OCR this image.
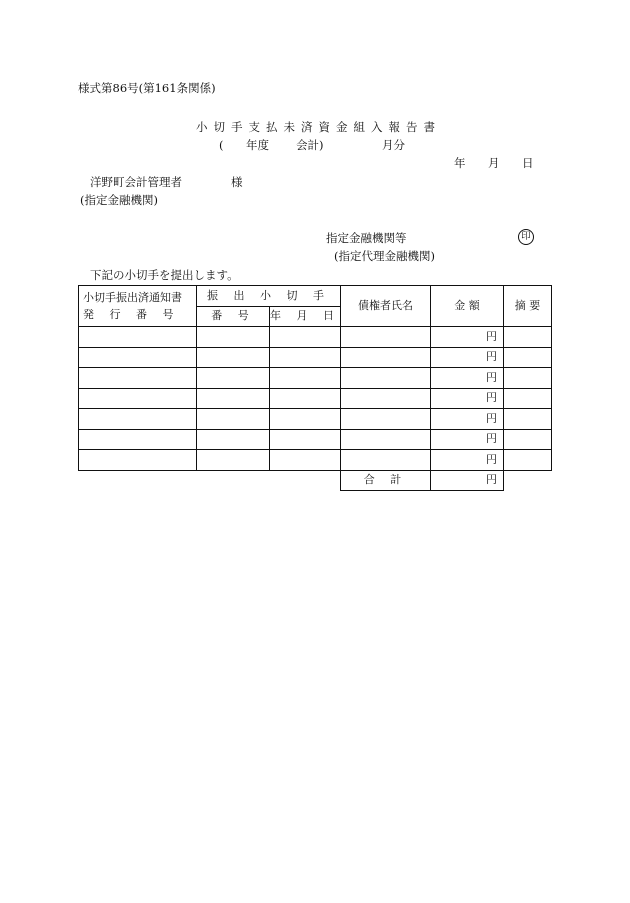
様式第86号(第161条関係)
小切手支払未済資金組入報告書
( 年度 会計)	月分
年 月 日
洋野町会計管理者	様
(指定金融機関)
指定金融機関等	印
(指定代理金融機関)
下記の小切手を提出します。
小切手振出済通知書
発 行 番 号	振 出 小 切 手		債権者氏名	金 額	摘 要
	番 号	年 月 日			
				円	
				円	
				円	
				円	
				円	
				円	
				円	
			合 計	円	
